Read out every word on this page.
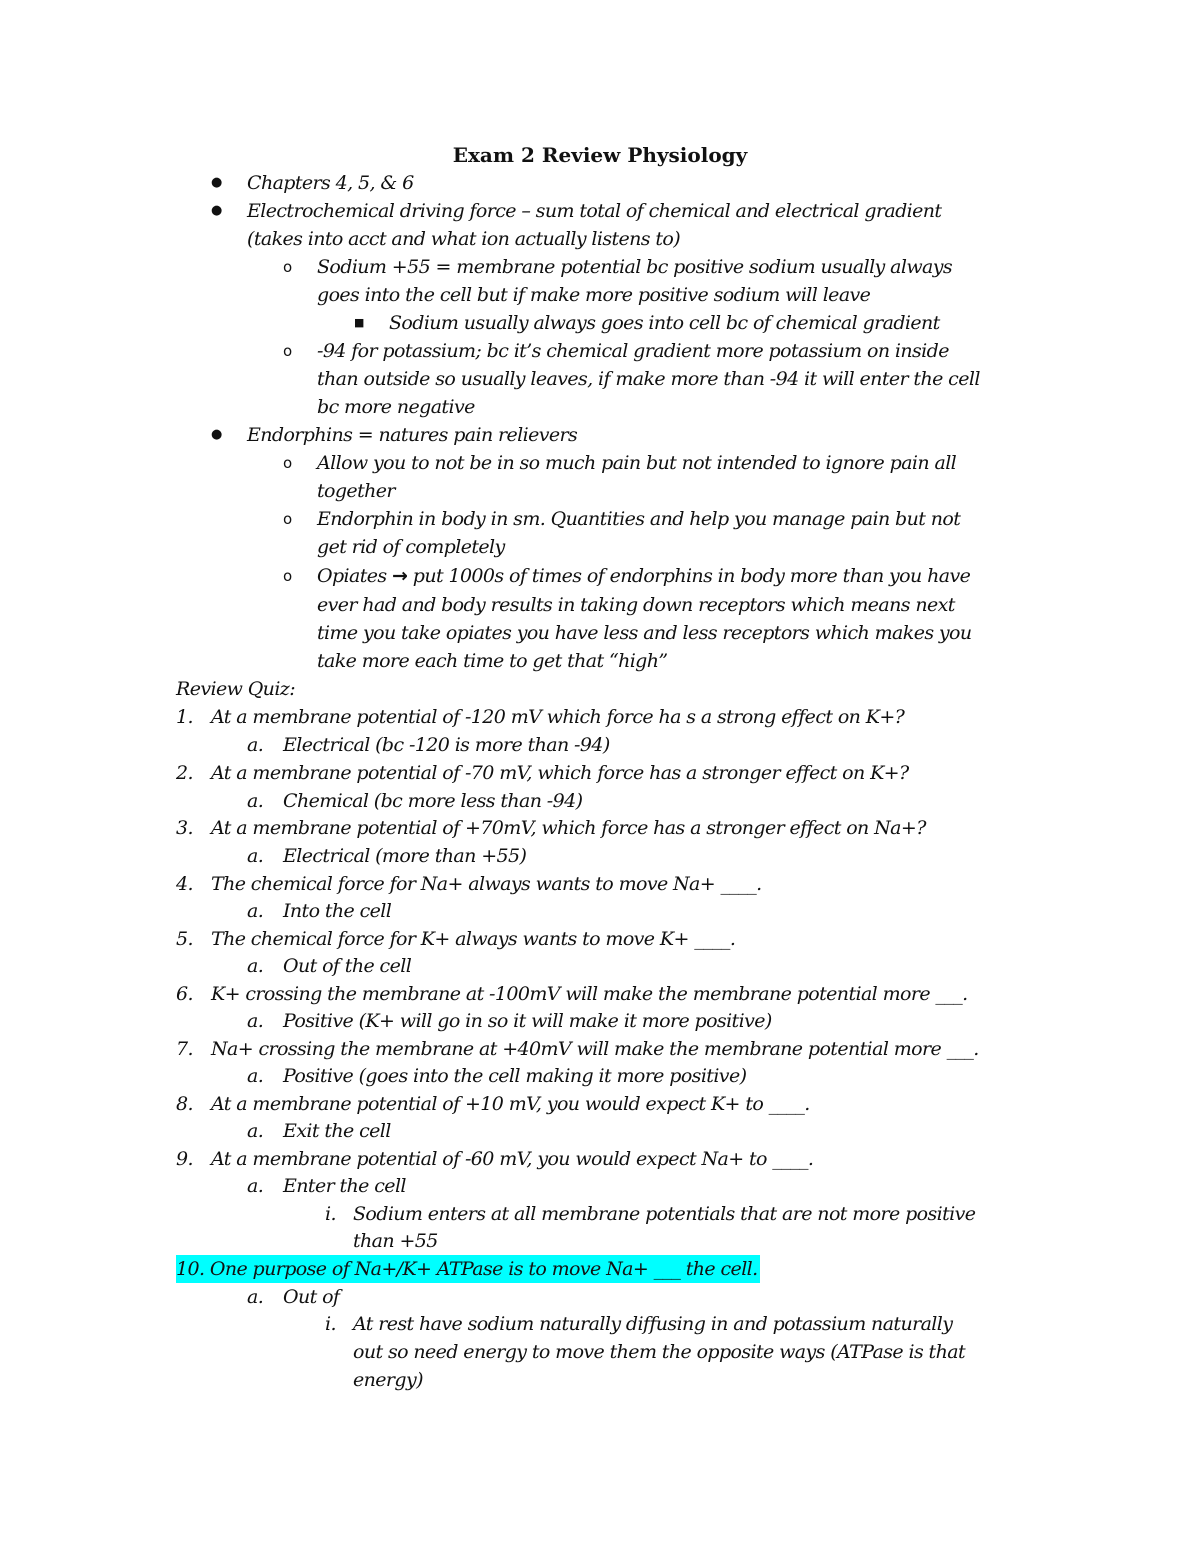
Exam 2 Review Physiology
● Chapters 4, 5, & 6
● Electrochemical driving force – sum total of chemical and electrical gradient
(takes into acct and what ion actually listens to)
o Sodium +55 = membrane potential bc positive sodium usually always
goes into the cell but if make more positive sodium will leave
■ Sodium usually always goes into cell bc of chemical gradient
o -94 for potassium; bc it’s chemical gradient more potassium on inside
than outside so usually leaves, if make more than -94 it will enter the cell
bc more negative
● Endorphins = natures pain relievers
o Allow you to not be in so much pain but not intended to ignore pain all
together
o Endorphin in body in sm. Quantities and help you manage pain but not
get rid of completely
o Opiates → put 1000s of times of endorphins in body more than you have
ever had and body results in taking down receptors which means next
time you take opiates you have less and less receptors which makes you
take more each time to get that “high”
Review Quiz:
1. At a membrane potential of -120 mV which force ha s a strong effect on K+?
a. Electrical (bc -120 is more than -94)
2. At a membrane potential of -70 mV, which force has a stronger effect on K+?
a. Chemical (bc more less than -94)
3. At a membrane potential of +70mV, which force has a stronger effect on Na+?
a. Electrical (more than +55)
4. The chemical force for Na+ always wants to move Na+ ____.
a. Into the cell
5. The chemical force for K+ always wants to move K+ ____.
a. Out of the cell
6. K+ crossing the membrane at -100mV will make the membrane potential more ___.
a. Positive (K+ will go in so it will make it more positive)
7. Na+ crossing the membrane at +40mV will make the membrane potential more ___.
a. Positive (goes into the cell making it more positive)
8. At a membrane potential of +10 mV, you would expect K+ to ____.
a. Exit the cell
9. At a membrane potential of -60 mV, you would expect Na+ to ____.
a. Enter the cell
i. Sodium enters at all membrane potentials that are not more positive
than +55
10. One purpose of Na+/K+ ATPase is to move Na+ ___ the cell.
a. Out of
i. At rest have sodium naturally diffusing in and potassium naturally
out so need energy to move them the opposite ways (ATPase is that
energy)
